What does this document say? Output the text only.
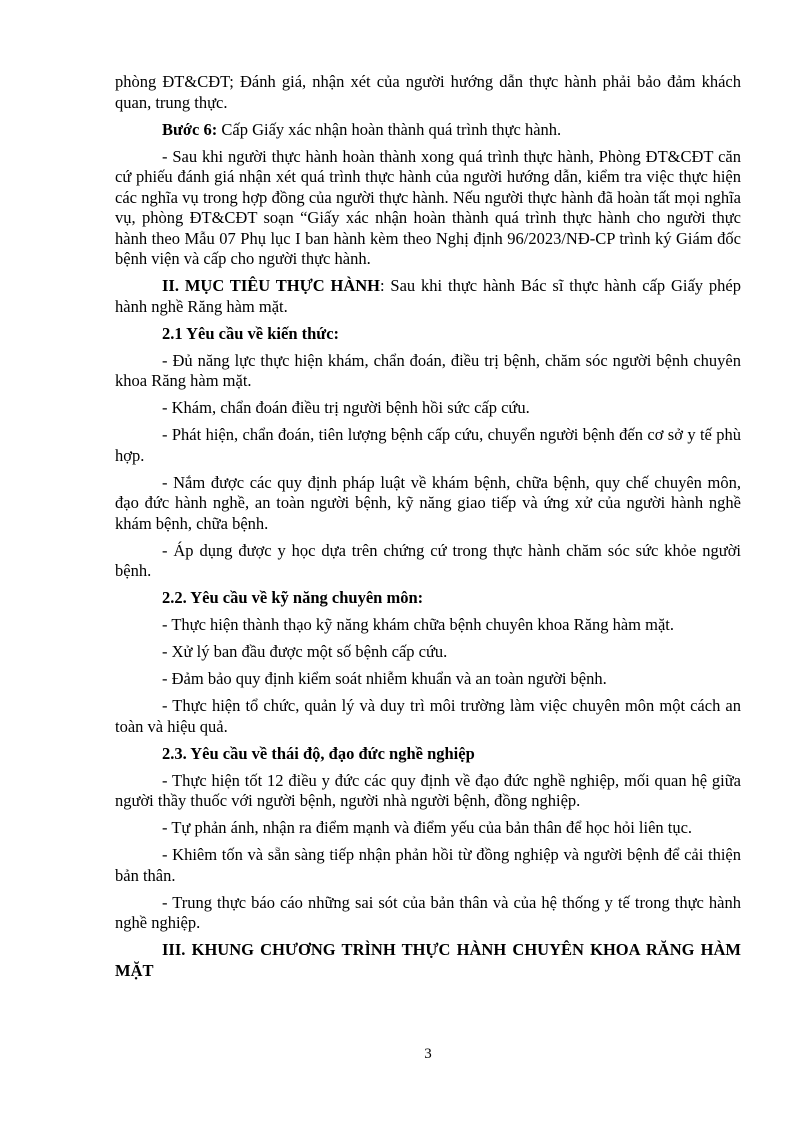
phòng ĐT&CĐT; Đánh giá, nhận xét của người hướng dẫn thực hành phải bảo đảm khách quan, trung thực.

Bước 6: Cấp Giấy xác nhận hoàn thành quá trình thực hành.

- Sau khi người thực hành hoàn thành xong quá trình thực hành, Phòng ĐT&CĐT căn cứ phiếu đánh giá nhận xét quá trình thực hành của người hướng dẫn, kiểm tra việc thực hiện các nghĩa vụ trong hợp đồng của người thực hành. Nếu người thực hành đã hoàn tất mọi nghĩa vụ, phòng ĐT&CĐT soạn “Giấy xác nhận hoàn thành quá trình thực hành cho người thực hành theo Mẫu 07 Phụ lục I ban hành kèm theo Nghị định 96/2023/NĐ-CP trình ký Giám đốc bệnh viện và cấp cho người thực hành.

II. MỤC TIÊU THỰC HÀNH: Sau khi thực hành Bác sĩ thực hành cấp Giấy phép hành nghề Răng hàm mặt.

2.1 Yêu cầu về kiến thức:

- Đủ năng lực thực hiện khám, chẩn đoán, điều trị bệnh, chăm sóc người bệnh chuyên khoa Răng hàm mặt.

- Khám, chẩn đoán điều trị người bệnh hồi sức cấp cứu.

- Phát hiện, chẩn đoán, tiên lượng bệnh cấp cứu, chuyển người bệnh đến cơ sở y tế phù hợp.

- Nắm được các quy định pháp luật về khám bệnh, chữa bệnh, quy chế chuyên môn, đạo đức hành nghề, an toàn người bệnh, kỹ năng giao tiếp và ứng xử của người hành nghề khám bệnh, chữa bệnh.

- Áp dụng được y học dựa trên chứng cứ trong thực hành chăm sóc sức khỏe người bệnh.

2.2. Yêu cầu về kỹ năng chuyên môn:

- Thực hiện thành thạo kỹ năng khám chữa bệnh chuyên khoa Răng hàm mặt.

- Xử lý ban đầu được một số bệnh cấp cứu.

- Đảm bảo quy định kiểm soát nhiễm khuẩn và an toàn người bệnh.

- Thực hiện tổ chức, quản lý và duy trì môi trường làm việc chuyên môn một cách an toàn và hiệu quả.

2.3. Yêu cầu về thái độ, đạo đức nghề nghiệp

- Thực hiện tốt 12 điều y đức các quy định về đạo đức nghề nghiệp, mối quan hệ giữa người thầy thuốc với người bệnh, người nhà người bệnh, đồng nghiệp.

- Tự phản ánh, nhận ra điểm mạnh và điểm yếu của bản thân để học hỏi liên tục.

- Khiêm tốn và sẵn sàng tiếp nhận phản hồi từ đồng nghiệp và người bệnh để cải thiện bản thân.

- Trung thực báo cáo những sai sót của bản thân và của hệ thống y tế trong thực hành nghề nghiệp.

III. KHUNG CHƯƠNG TRÌNH THỰC HÀNH CHUYÊN KHOA RĂNG HÀM MẶT

3
